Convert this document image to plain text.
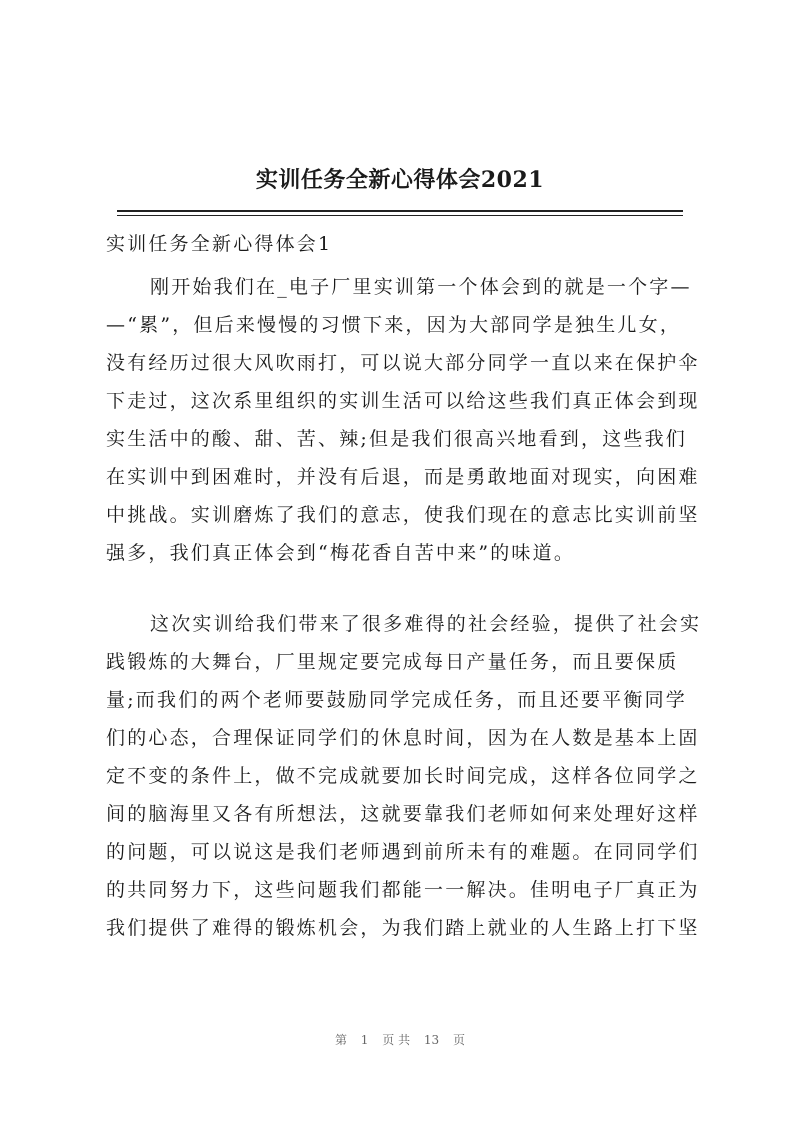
实训任务全新心得体会2021
实训任务全新心得体会1
刚开始我们在_电子厂里实训第一个体会到的就是一个字—
—“累”，但后来慢慢的习惯下来，因为大部同学是独生儿女，
没有经历过很大风吹雨打，可以说大部分同学一直以来在保护伞
下走过，这次系里组织的实训生活可以给这些我们真正体会到现
实生活中的酸、甜、苦、辣;但是我们很高兴地看到，这些我们
在实训中到困难时，并没有后退，而是勇敢地面对现实，向困难
中挑战。实训磨炼了我们的意志，使我们现在的意志比实训前坚
强多，我们真正体会到“梅花香自苦中来”的味道。
这次实训给我们带来了很多难得的社会经验，提供了社会实
践锻炼的大舞台，厂里规定要完成每日产量任务，而且要保质
量;而我们的两个老师要鼓励同学完成任务，而且还要平衡同学
们的心态，合理保证同学们的休息时间，因为在人数是基本上固
定不变的条件上，做不完成就要加长时间完成，这样各位同学之
间的脑海里又各有所想法，这就要靠我们老师如何来处理好这样
的问题，可以说这是我们老师遇到前所未有的难题。在同同学们
的共同努力下，这些问题我们都能一一解决。佳明电子厂真正为
我们提供了难得的锻炼机会，为我们踏上就业的人生路上打下坚
第 1 页 共 13 页
